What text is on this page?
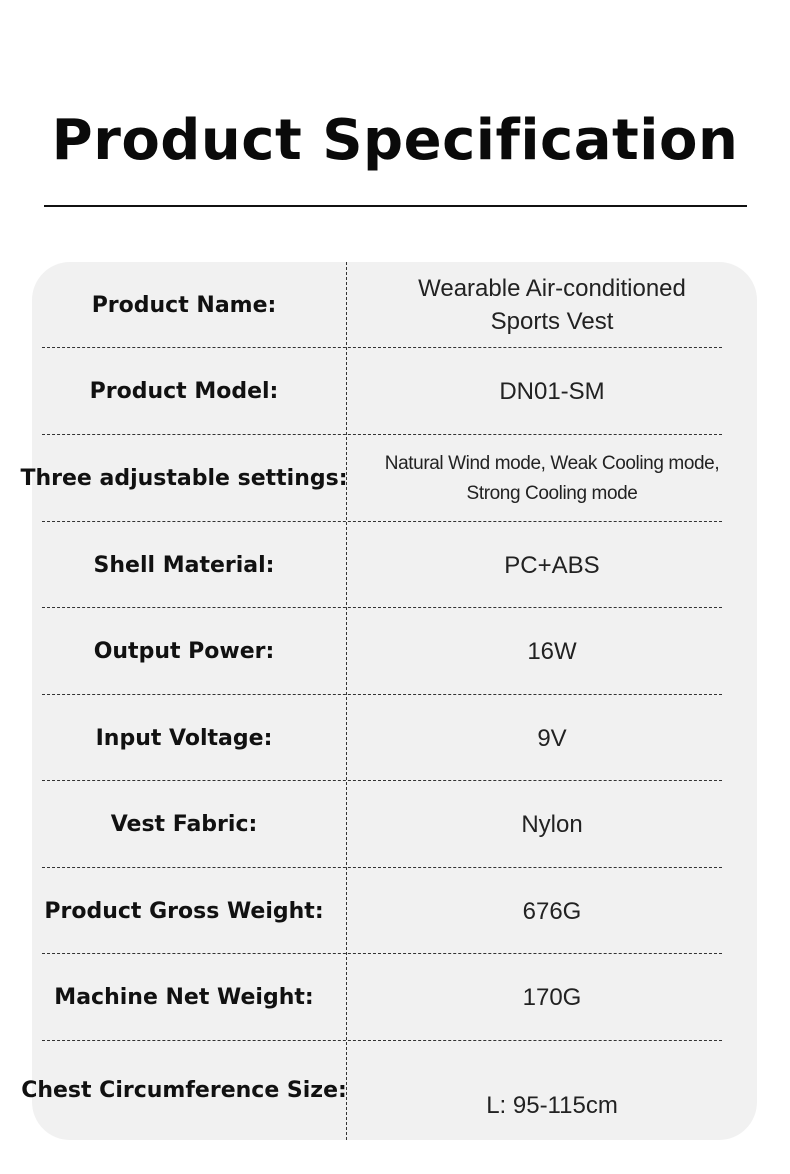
Product Specification
Product Name:
Wearable Air-conditioned
Sports Vest
Product Model:	DN01-SM
Three adjustable settings:
Natural Wind mode, Weak Cooling mode,
Strong Cooling mode
Shell Material:	PC+ABS
Output Power:	16W
Input Voltage:	9V
Vest Fabric:	Nylon
Product Gross Weight:	676G
Machine Net Weight:	170G
Chest Circumference Size:
L: 95-115cm
